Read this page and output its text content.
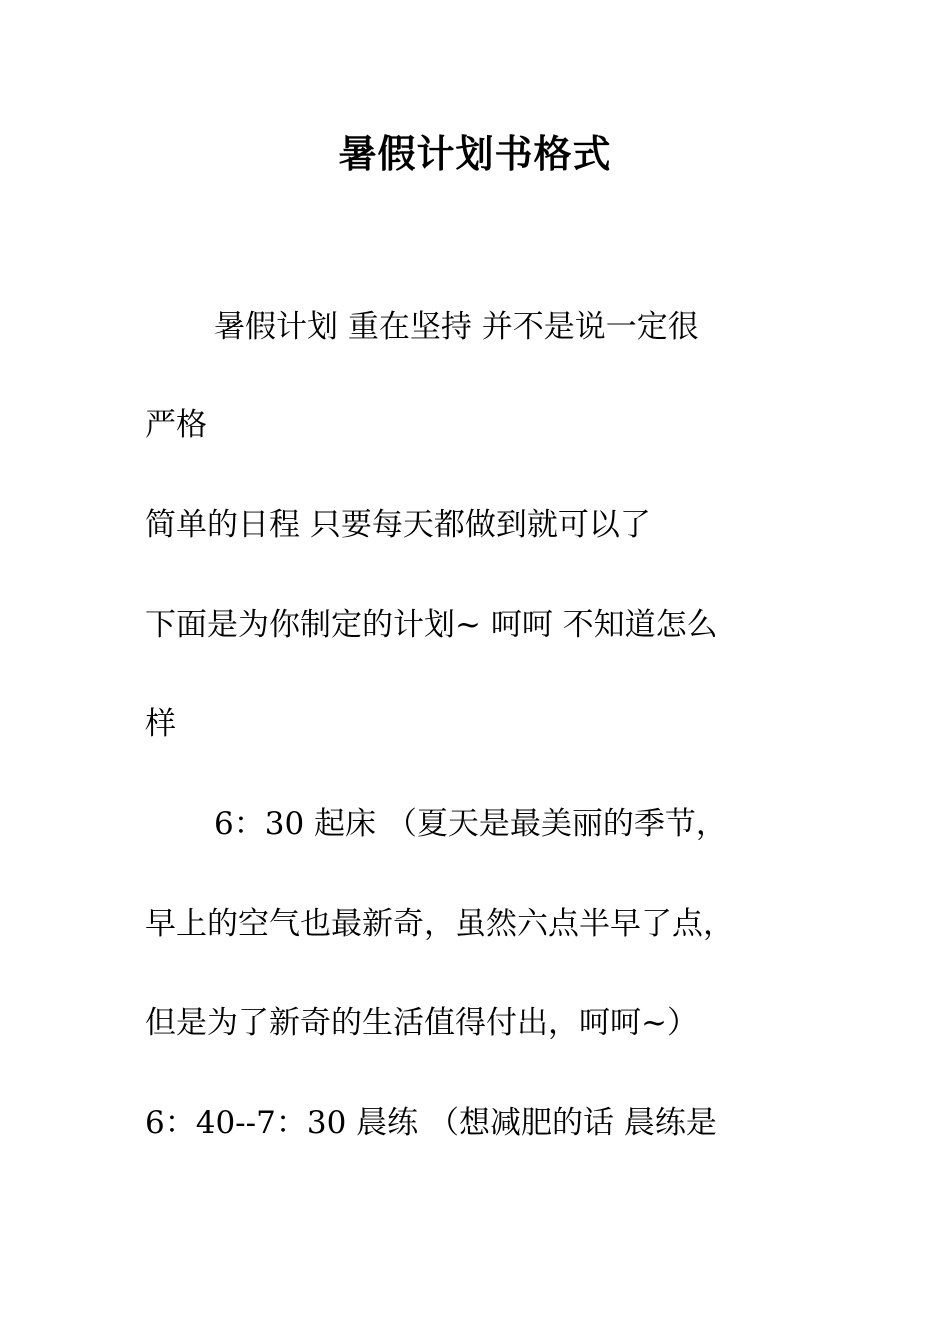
暑假计划书格式

暑假计划 重在坚持 并不是说一定很

严格

简单的日程 只要每天都做到就可以了

下面是为你制定的计划~ 呵呵 不知道怎么

样

6：30 起床 （夏天是最美丽的季节，

早上的空气也最新奇，虽然六点半早了点，

但是为了新奇的生活值得付出，呵呵~）

6：40--7：30 晨练 （想减肥的话 晨练是
